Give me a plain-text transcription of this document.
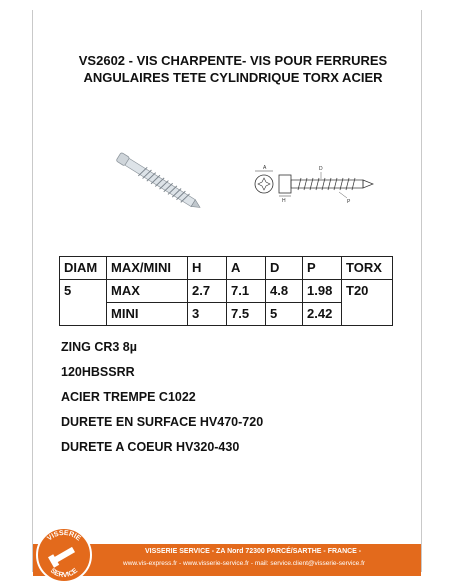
VS2602 - VIS CHARPENTE- VIS POUR FERRURES
ANGULAIRES TETE CYLINDRIQUE TORX ACIER
A
H
D
P
DIAM	MAX/MINI	H	A	D	P	TORX
5	MAX	2.7	7.1	4.8	1.98	T20
	MINI	3	7.5	5	2.42	
ZING CR3 8µ
120HBSSRR
ACIER TREMPE C1022
DURETE EN SURFACE HV470-720
DURETE A COEUR HV320-430
VISSERIE SERVICE - ZA Nord 72300 PARCÉ/SARTHE - FRANCE -
www.vis-express.fr - www.visserie-service.fr - mail: service.client@visserie-service.fr
VISSERIE
SERVICE
